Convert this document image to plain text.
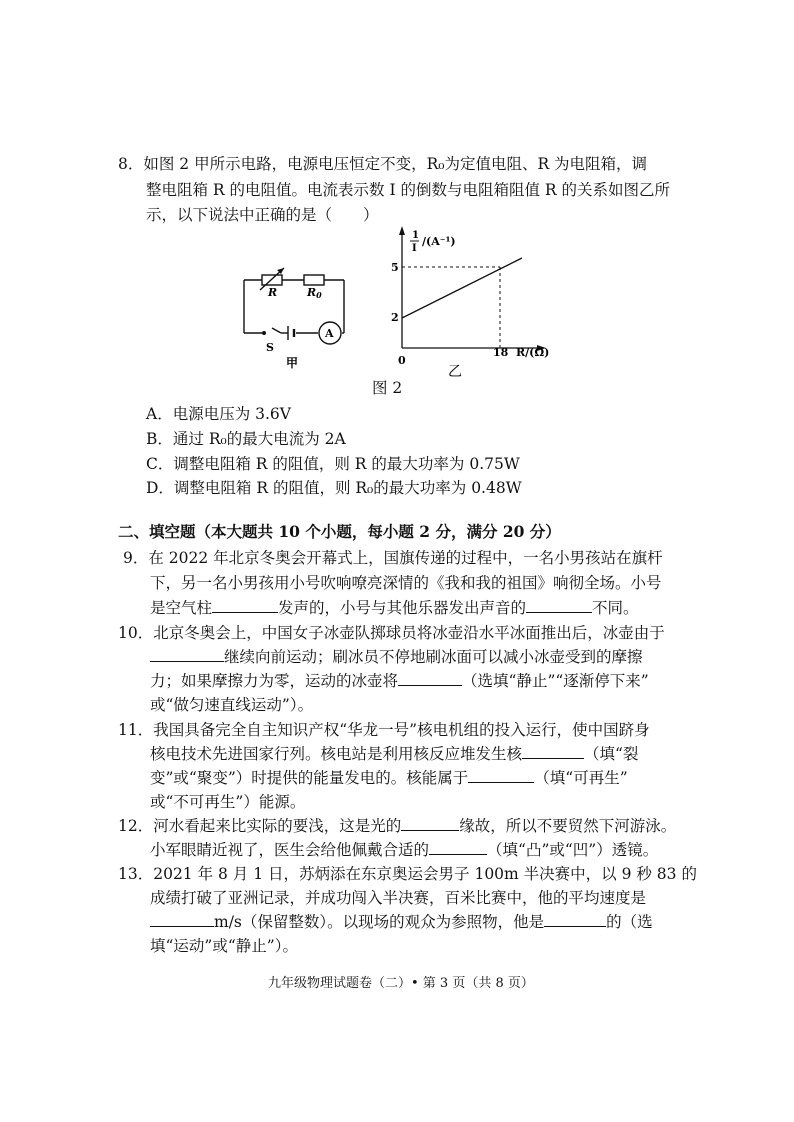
8．如图 2 甲所示电路，电源电压恒定不变，R₀为定值电阻、R 为电阻箱，调
整电阻箱 R 的电阻值。电流表示数 I 的倒数与电阻箱阻值 R 的关系如图乙所
示，以下说法中正确的是（　　）
R	R0
S
A
甲
1
I
/(A⁻¹)
5
2
0
18 R/(Ω)
乙
图 2
A．电源电压为 3.6V
B．通过 R₀的最大电流为 2A
C．调整电阻箱 R 的阻值，则 R 的最大功率为 0.75W
D．调整电阻箱 R 的阻值，则 R₀的最大功率为 0.48W
二、填空题（本大题共 10 个小题，每小题 2 分，满分 20 分）
9．在 2022 年北京冬奥会开幕式上，国旗传递的过程中，一名小男孩站在旗杆
下，另一名小男孩用小号吹响嘹亮深情的《我和我的祖国》响彻全场。小号
是空气柱	发声的，小号与其他乐器发出声音的	不同。
10．北京冬奥会上，中国女子冰壶队掷球员将冰壶沿水平冰面推出后，冰壶由于
继续向前运动；刷冰员不停地刷冰面可以减小冰壶受到的摩擦
力；如果摩擦力为零，运动的冰壶将	（选填“静止”“逐渐停下来”
或“做匀速直线运动”）。
11．我国具备完全自主知识产权“华龙一号”核电机组的投入运行，使中国跻身
核电技术先进国家行列。核电站是利用核反应堆发生核	（填“裂
变”或“聚变”）时提供的能量发电的。核能属于	（填“可再生”
或“不可再生”）能源。
12．河水看起来比实际的要浅，这是光的	缘故，所以不要贸然下河游泳。
小军眼睛近视了，医生会给他佩戴合适的	（填“凸”或“凹”）透镜。
13．2021 年 8 月 1 日，苏炳添在东京奥运会男子 100m 半决赛中，以 9 秒 83 的
成绩打破了亚洲记录，并成功闯入半决赛，百米比赛中，他的平均速度是
m/s（保留整数）。以现场的观众为参照物，他是	的（选
填“运动”或“静止”）。
九年级物理试题卷（二）• 第 3 页（共 8 页）
